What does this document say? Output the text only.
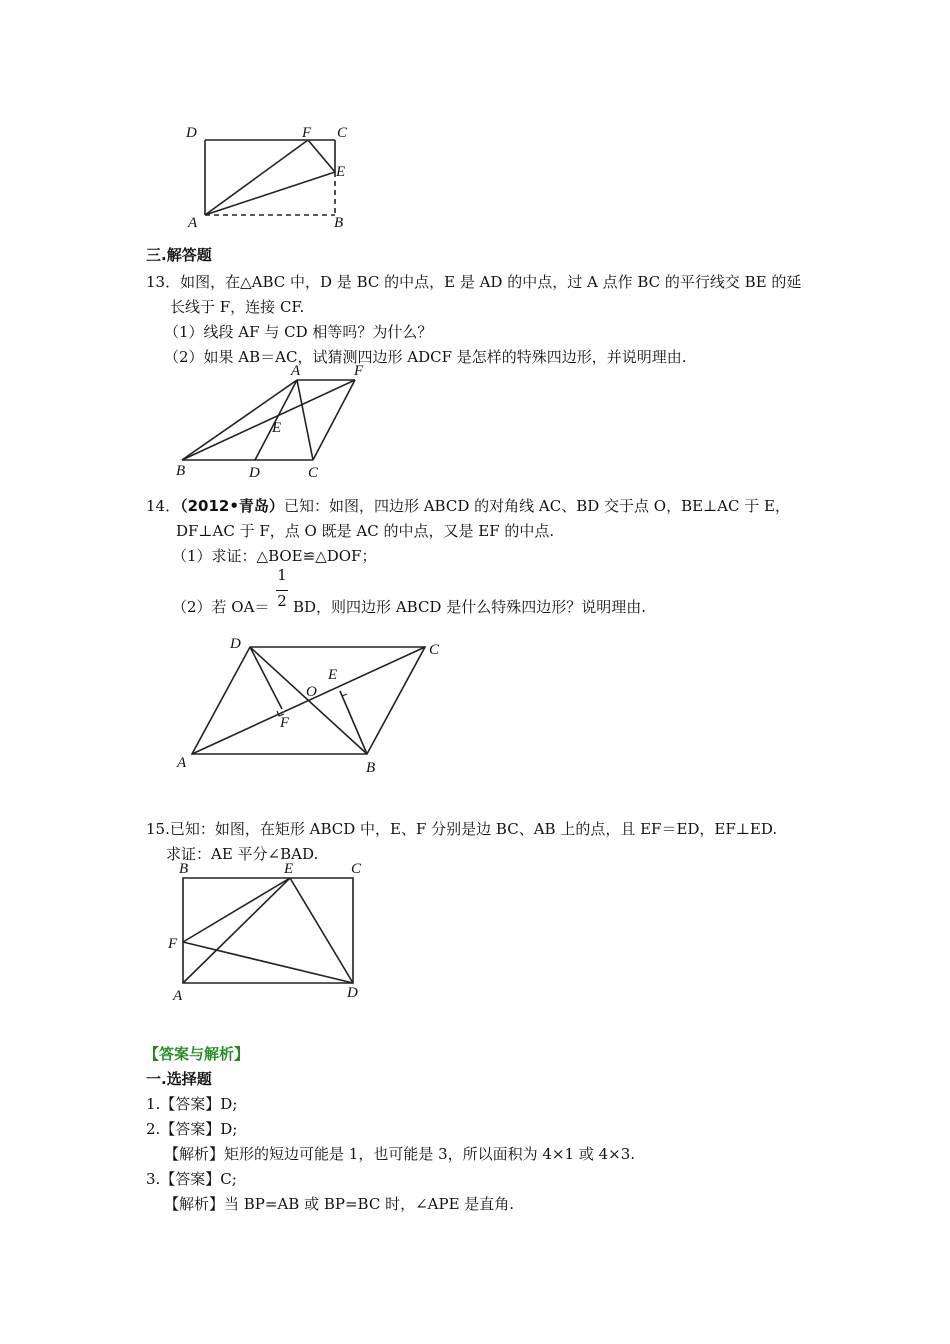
D	F C
E
A	B
三.解答题
13．如图，在△ABC 中，D 是 BC 的中点，E 是 AD 的中点，过 A 点作 BC 的平行线交 BE 的延
长线于 F，连接 CF.
（1）线段 AF 与 CD 相等吗？为什么？
（2）如果 AB＝AC，试猜测四边形 ADCF 是怎样的特殊四边形，并说明理由.
A	F
E
B	D	C
14．（2012•青岛）已知：如图，四边形 ABCD 的对角线 AC、BD 交于点 O，BE⊥AC 于 E，
DF⊥AC 于 F，点 O 既是 AC 的中点，又是 EF 的中点.
（1）求证：△BOE≌△DOF；
（2）若 OA＝
1
2 BD，则四边形 ABCD 是什么特殊四边形？说明理由.
D	C
E
O
F
A	B
15.已知：如图，在矩形 ABCD 中，E、F 分别是边 BC、AB 上的点，且 EF＝ED，EF⊥ED.
求证：AE 平分∠BAD.
B	E	C
F
A	D
【答案与解析】
一.选择题
1.【答案】D;
2.【答案】D;
【解析】矩形的短边可能是 1，也可能是 3，所以面积为 4×1 或 4×3.
3.【答案】C;
【解析】当 BP=AB 或 BP=BC 时，∠APE 是直角.
